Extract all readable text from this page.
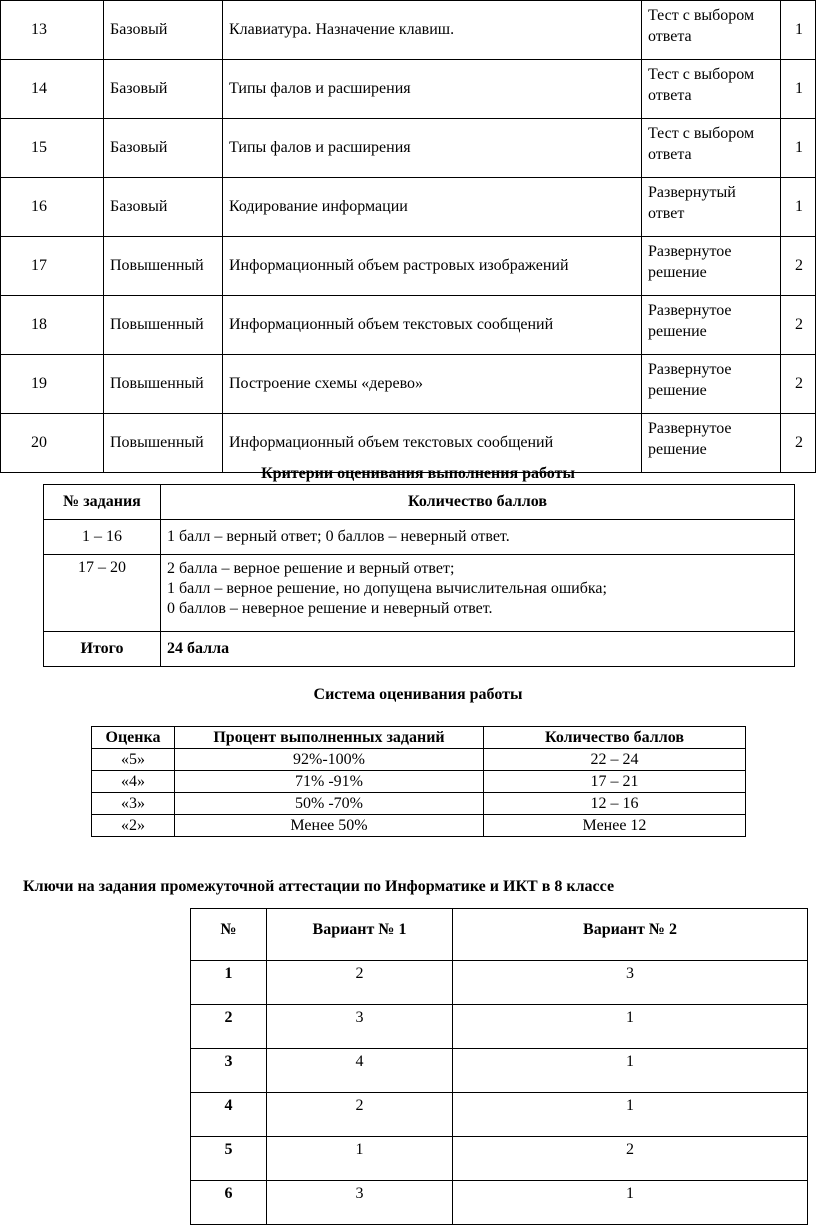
13	Базовый	Клавиатура. Назначение клавиш.	Тест с выбором ответа	1
14	Базовый	Типы фалов и расширения	Тест с выбором ответа	1
15	Базовый	Типы фалов и расширения	Тест с выбором ответа	1
16	Базовый	Кодирование информации	Развернутый ответ	1
17	Повышенный	Информационный объем растровых изображений	Развернутое решение	2
18	Повышенный	Информационный объем текстовых сообщений	Развернутое решение	2
19	Повышенный	Построение схемы «дерево»	Развернутое решение	2
20	Повышенный	Информационный объем текстовых сообщений	Развернутое решение	2
Критерии оценивания выполнения работы
№ задания	Количество баллов
1 – 16	1 балл – верный ответ; 0 баллов – неверный ответ.
17 – 20	2 балла – верное решение и верный ответ;
1 балл – верное решение, но допущена вычислительная ошибка;
0 баллов – неверное решение и неверный ответ.

Итого	24 балла
Система оценивания работы
Оценка	Процент выполненных заданий	Количество баллов
«5»	92%-100%	22 – 24
«4»	71% -91%	17 – 21
«3»	50% -70%	12 – 16
«2»	Менее 50%	Менее 12
Ключи на задания промежуточной аттестации по Информатике и ИКТ в 8 классе
№	Вариант № 1	Вариант № 2
1	2	3
2	3	1
3	4	1
4	2	1
5	1	2
6	3	1
